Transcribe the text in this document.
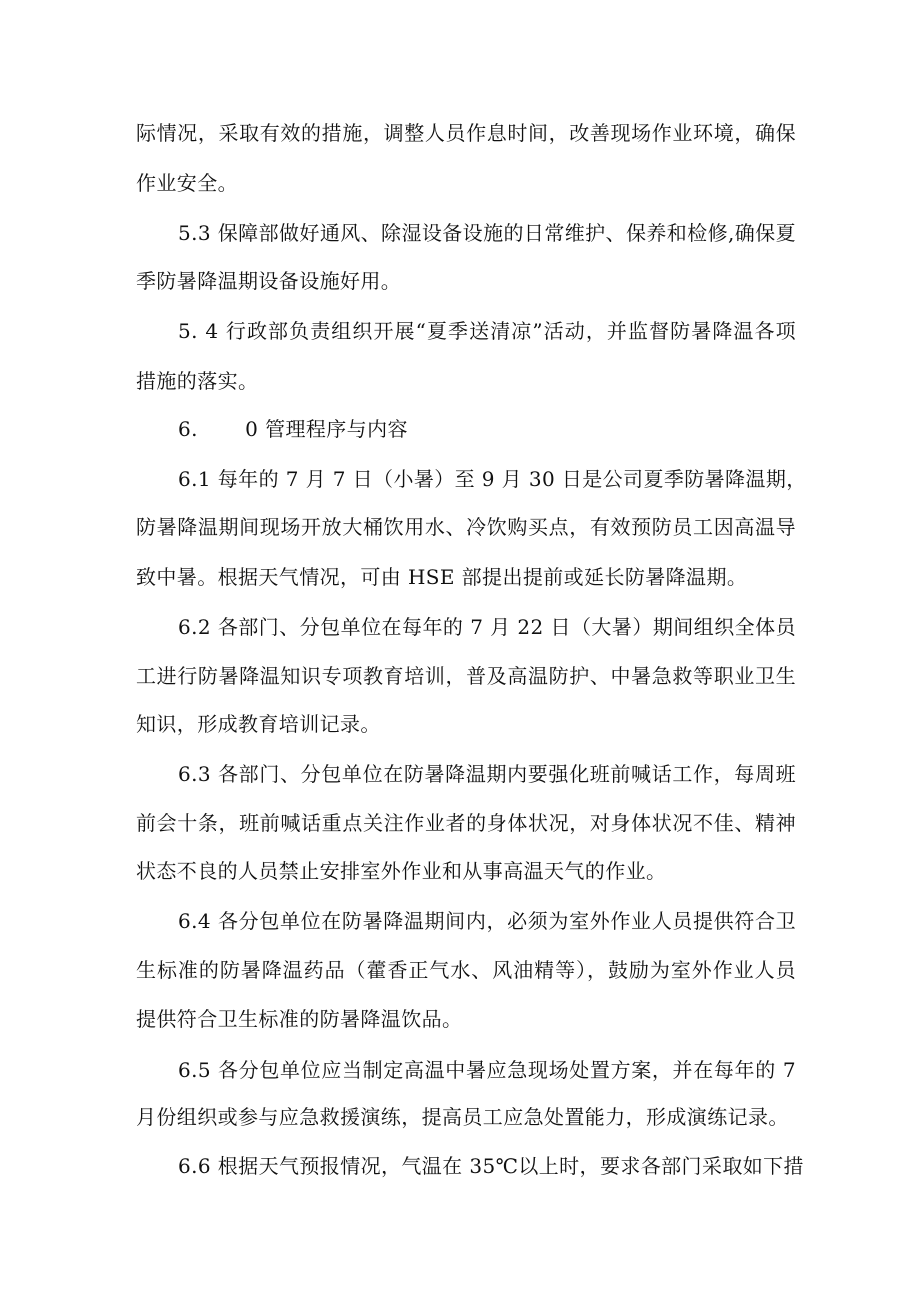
际情况，采取有效的措施，调整人员作息时间，改善现场作业环境，确保
作业安全。
5.3 保障部做好通风、除湿设备设施的日常维护、保养和检修,确保夏
季防暑降温期设备设施好用。
5. 4 行政部负责组织开展“夏季送清凉”活动，并监督防暑降温各项
措施的落实。
6.       0 管理程序与内容
6.1 每年的 7 月 7 日（小暑）至 9 月 30 日是公司夏季防暑降温期，
防暑降温期间现场开放大桶饮用水、冷饮购买点，有效预防员工因高温导
致中暑。根据天气情况，可由 HSE 部提出提前或延长防暑降温期。
6.2 各部门、分包单位在每年的 7 月 22 日（大暑）期间组织全体员
工进行防暑降温知识专项教育培训，普及高温防护、中暑急救等职业卫生
知识，形成教育培训记录。
6.3 各部门、分包单位在防暑降温期内要强化班前喊话工作，每周班
前会十条，班前喊话重点关注作业者的身体状况，对身体状况不佳、精神
状态不良的人员禁止安排室外作业和从事高温天气的作业。
6.4 各分包单位在防暑降温期间内，必须为室外作业人员提供符合卫
生标准的防暑降温药品（藿香正气水、风油精等），鼓励为室外作业人员
提供符合卫生标准的防暑降温饮品。
6.5 各分包单位应当制定高温中暑应急现场处置方案，并在每年的 7
月份组织或参与应急救援演练，提高员工应急处置能力，形成演练记录。
6.6 根据天气预报情况，气温在 35℃以上时，要求各部门采取如下措
